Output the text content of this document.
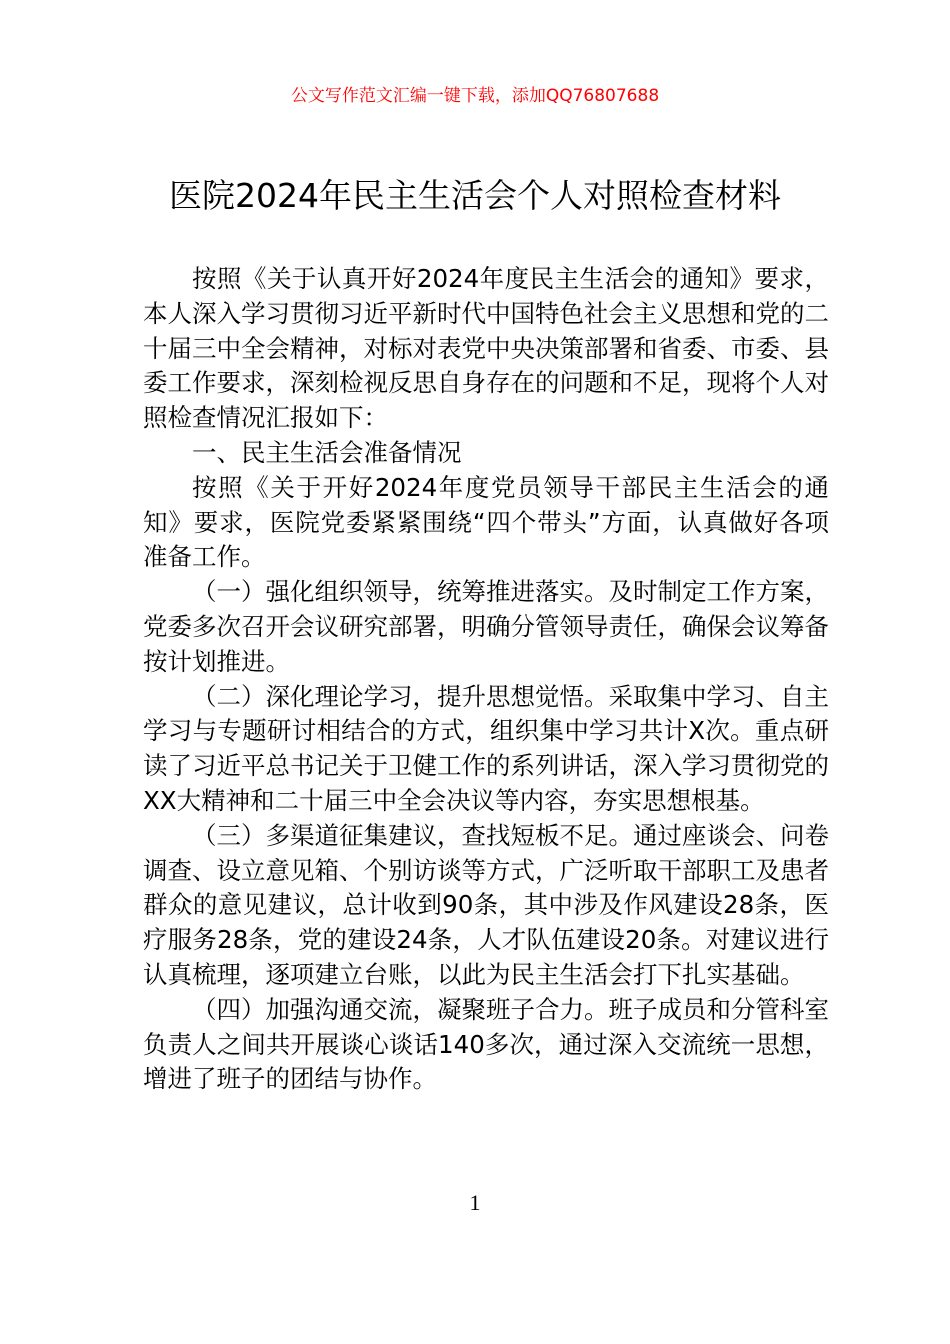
公文写作范文汇编一键下载，添加QQ76807688
医院2024年民主生活会个人对照检查材料

按照《关于认真开好2024年度民主生活会的通知》要求，本人深入学习贯彻习近平新时代中国特色社会主义思想和党的二十届三中全会精神，对标对表党中央决策部署和省委、市委、县委工作要求，深刻检视反思自身存在的问题和不足，现将个人对照检查情况汇报如下：

一、民主生活会准备情况

按照《关于开好2024年度党员领导干部民主生活会的通知》要求，医院党委紧紧围绕“四个带头”方面，认真做好各项准备工作。

（一）强化组织领导，统筹推进落实。及时制定工作方案，党委多次召开会议研究部署，明确分管领导责任，确保会议筹备按计划推进。

（二）深化理论学习，提升思想觉悟。采取集中学习、自主学习与专题研讨相结合的方式，组织集中学习共计X次。重点研读了习近平总书记关于卫健工作的系列讲话，深入学习贯彻党的XX大精神和二十届三中全会决议等内容，夯实思想根基。

（三）多渠道征集建议，查找短板不足。通过座谈会、问卷调查、设立意见箱、个别访谈等方式，广泛听取干部职工及患者群众的意见建议，总计收到90条，其中涉及作风建设28条，医疗服务28条，党的建设24条，人才队伍建设20条。对建议进行认真梳理，逐项建立台账，以此为民主生活会打下扎实基础。

（四）加强沟通交流，凝聚班子合力。班子成员和分管科室负责人之间共开展谈心谈话140多次，通过深入交流统一思想，增进了班子的团结与协作。

1
